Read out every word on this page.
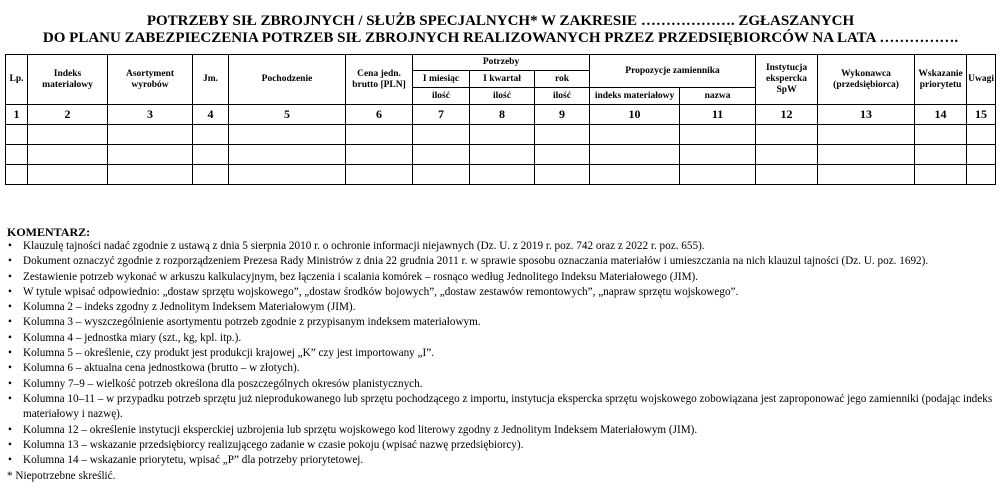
POTRZEBY SIŁ ZBROJNYCH / SŁUŻB SPECJALNYCH* W ZAKRESIE ………………. ZGŁASZANYCH
DO PLANU ZABEZPIECZENIA POTRZEB SIŁ ZBROJNYCH REALIZOWANYCH PRZEZ PRZEDSIĘBIORCÓW NA LATA …………….
Lp.	Indeks materiałowy	Asortyment wyrobów	Jm.	Pochodzenie	Cena jedn. brutto [PLN]	Potrzeby			Propozycje zamiennika		Instytucja ekspercka SpW	Wykonawca (przedsiębiorca)	Wskazanie priorytetu	Uwagi
						I miesiąc	I kwartał	rok						
						ilość	ilość	ilość	indeks materiałowy	nazwa				
1	2	3	4	5	6	7	8	9	10	11	12	13	14	15

KOMENTARZ:
• Klauzulę tajności nadać zgodnie z ustawą z dnia 5 sierpnia 2010 r. o ochronie informacji niejawnych (Dz. U. z 2019 r. poz. 742 oraz z 2022 r. poz. 655).
• Dokument oznaczyć zgodnie z rozporządzeniem Prezesa Rady Ministrów z dnia 22 grudnia 2011 r. w sprawie sposobu oznaczania materiałów i umieszczania na nich klauzul tajności (Dz. U. poz. 1692).
• Zestawienie potrzeb wykonać w arkuszu kalkulacyjnym, bez łączenia i scalania komórek – rosnąco według Jednolitego Indeksu Materiałowego (JIM).
• W tytule wpisać odpowiednio: „dostaw sprzętu wojskowego”, „dostaw środków bojowych”, „dostaw zestawów remontowych”, „napraw sprzętu wojskowego”.
• Kolumna 2 – indeks zgodny z Jednolitym Indeksem Materiałowym (JIM).
• Kolumna 3 – wyszczególnienie asortymentu potrzeb zgodnie z przypisanym indeksem materiałowym.
• Kolumna 4 – jednostka miary (szt., kg, kpl. itp.).
• Kolumna 5 – określenie, czy produkt jest produkcji krajowej „K” czy jest importowany „I”.
• Kolumna 6 – aktualna cena jednostkowa (brutto – w złotych).
• Kolumny 7–9 – wielkość potrzeb określona dla poszczególnych okresów planistycznych.
• Kolumna 10–11 – w przypadku potrzeb sprzętu już nieprodukowanego lub sprzętu pochodzącego z importu, instytucja ekspercka sprzętu wojskowego zobowiązana jest zaproponować jego zamienniki (podając indeks materiałowy i nazwę).
• Kolumna 12 – określenie instytucji eksperckiej uzbrojenia lub sprzętu wojskowego kod literowy zgodny z Jednolitym Indeksem Materiałowym (JIM).
• Kolumna 13 – wskazanie przedsiębiorcy realizującego zadanie w czasie pokoju (wpisać nazwę przedsiębiorcy).
• Kolumna 14 – wskazanie priorytetu, wpisać „P” dla potrzeby priorytetowej.
* Niepotrzebne skreślić.
